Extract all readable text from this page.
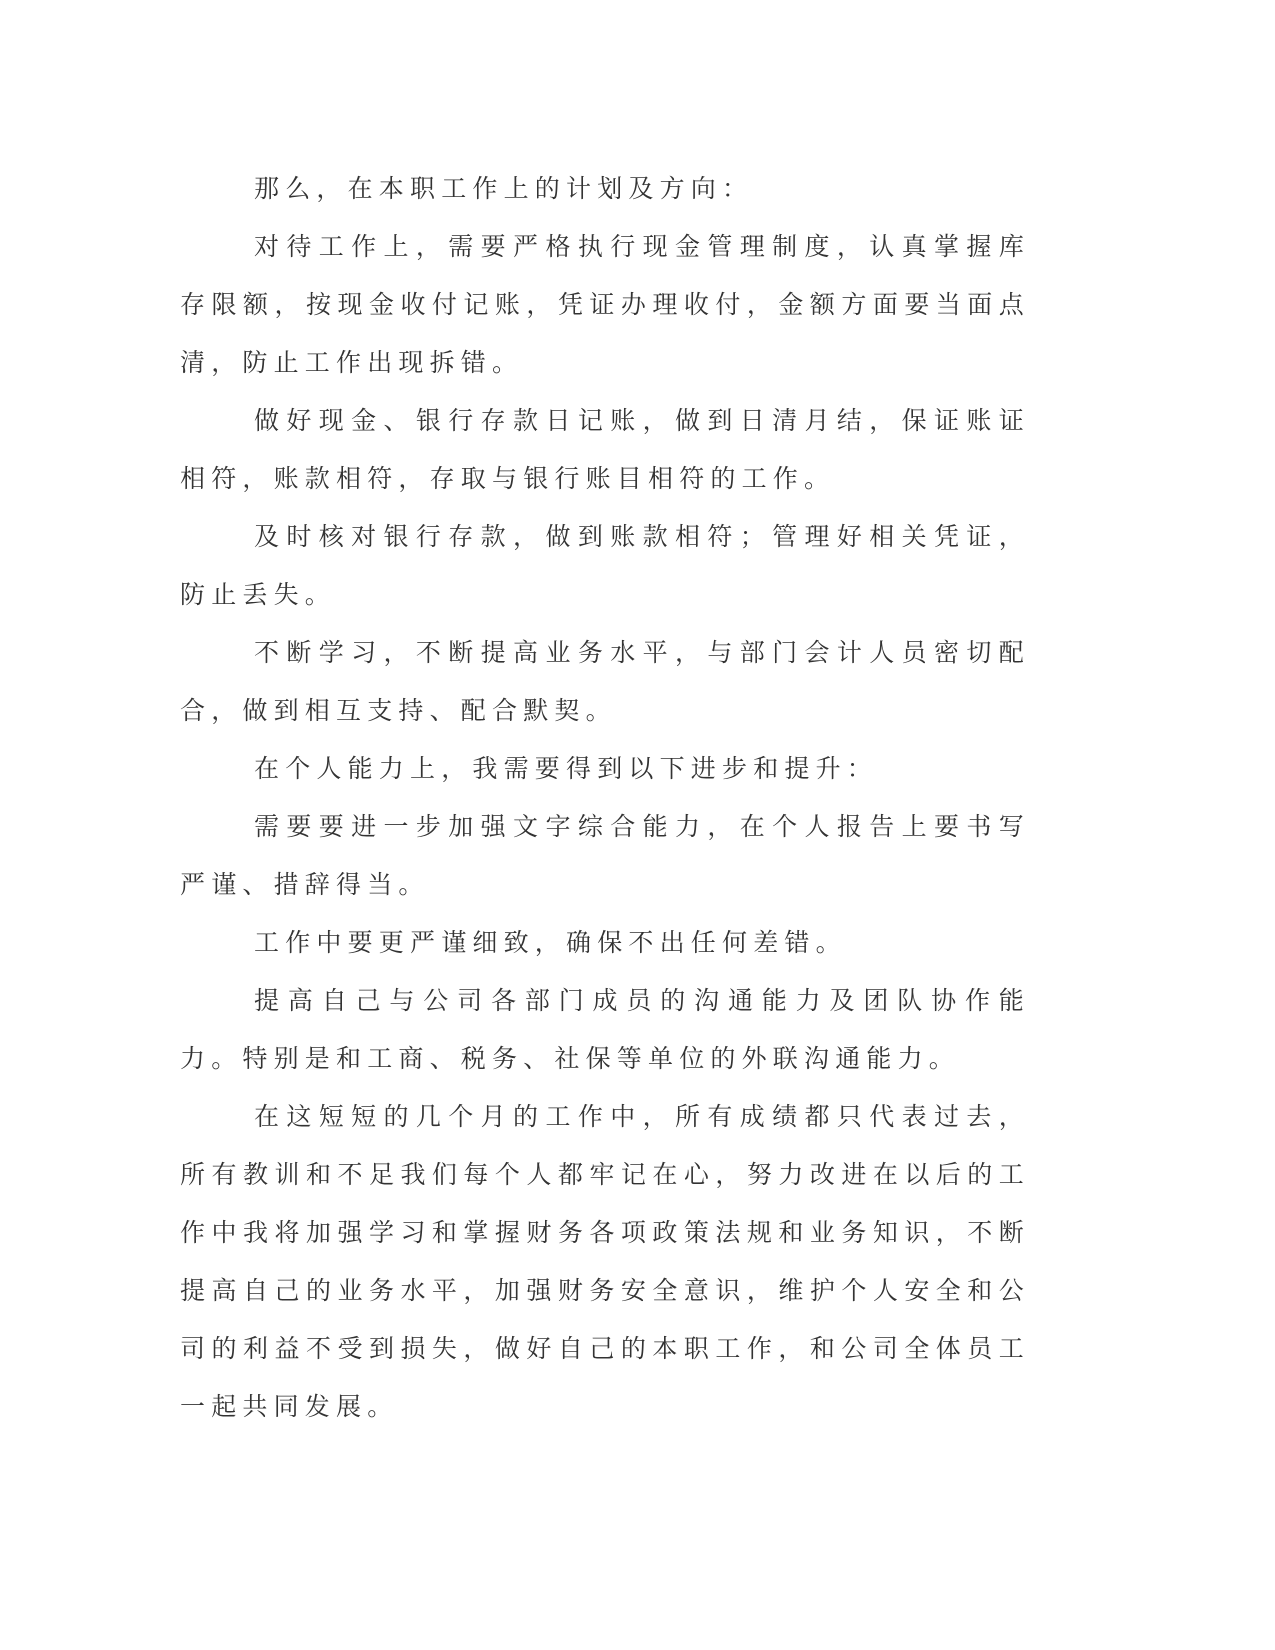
那么，在本职工作上的计划及方向：

对待工作上，需要严格执行现金管理制度，认真掌握库存限额，按现金收付记账，凭证办理收付，金额方面要当面点清，防止工作出现拆错。

做好现金、银行存款日记账，做到日清月结，保证账证相符，账款相符，存取与银行账目相符的工作。

及时核对银行存款，做到账款相符；管理好相关凭证，防止丢失。

不断学习，不断提高业务水平，与部门会计人员密切配合，做到相互支持、配合默契。

在个人能力上，我需要得到以下进步和提升：

需要要进一步加强文字综合能力，在个人报告上要书写严谨、措辞得当。

工作中要更严谨细致，确保不出任何差错。

提高自己与公司各部门成员的沟通能力及团队协作能力。特别是和工商、税务、社保等单位的外联沟通能力。

在这短短的几个月的工作中，所有成绩都只代表过去，所有教训和不足我们每个人都牢记在心，努力改进在以后的工作中我将加强学习和掌握财务各项政策法规和业务知识，不断提高自己的业务水平，加强财务安全意识，维护个人安全和公司的利益不受到损失，做好自己的本职工作，和公司全体员工一起共同发展。
